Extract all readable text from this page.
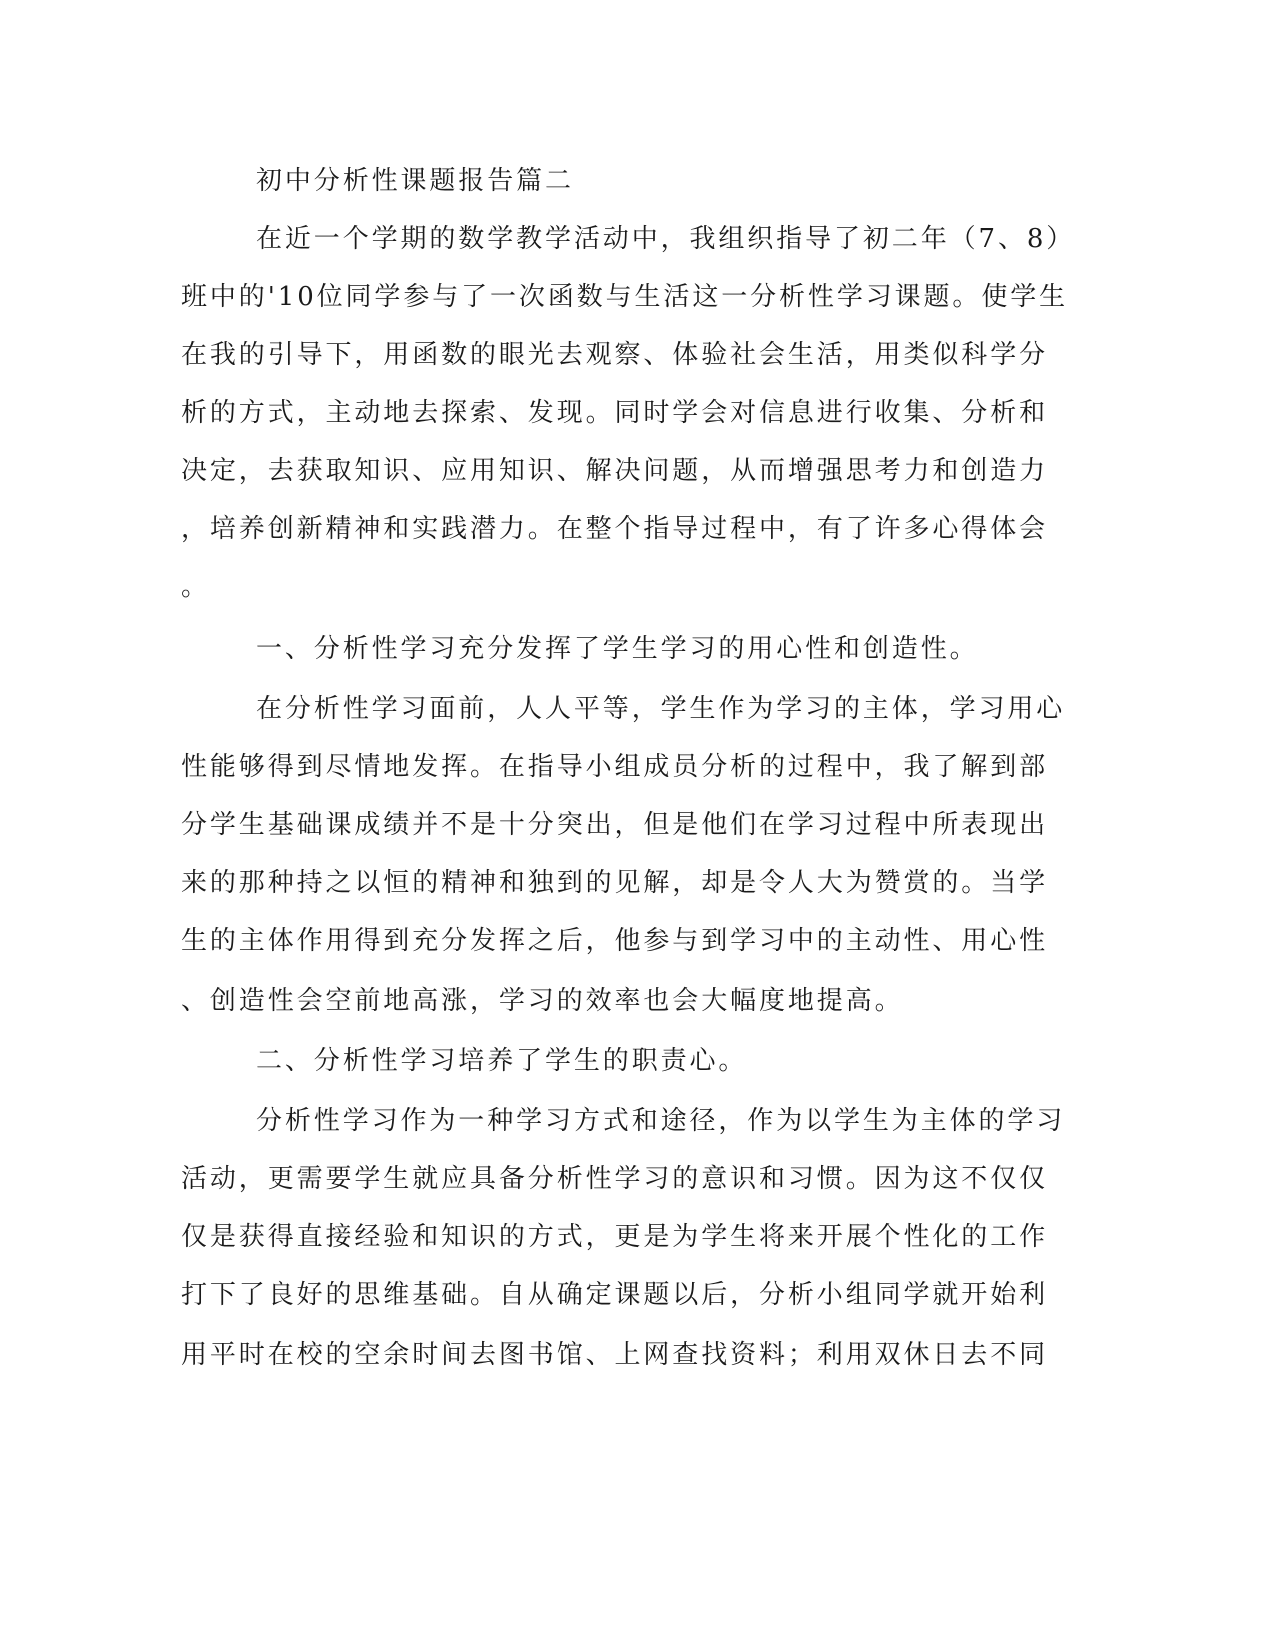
初中分析性课题报告篇二
在近一个学期的数学教学活动中，我组织指导了初二年（7、8）
班中的'10位同学参与了一次函数与生活这一分析性学习课题。使学生
在我的引导下，用函数的眼光去观察、体验社会生活，用类似科学分
析的方式，主动地去探索、发现。同时学会对信息进行收集、分析和
决定，去获取知识、应用知识、解决问题，从而增强思考力和创造力
，培养创新精神和实践潜力。在整个指导过程中，有了许多心得体会
。
一、分析性学习充分发挥了学生学习的用心性和创造性。
在分析性学习面前，人人平等，学生作为学习的主体，学习用心
性能够得到尽情地发挥。在指导小组成员分析的过程中，我了解到部
分学生基础课成绩并不是十分突出，但是他们在学习过程中所表现出
来的那种持之以恒的精神和独到的见解，却是令人大为赞赏的。当学
生的主体作用得到充分发挥之后，他参与到学习中的主动性、用心性
、创造性会空前地高涨，学习的效率也会大幅度地提高。
二、分析性学习培养了学生的职责心。
分析性学习作为一种学习方式和途径，作为以学生为主体的学习
活动，更需要学生就应具备分析性学习的意识和习惯。因为这不仅仅
仅是获得直接经验和知识的方式，更是为学生将来开展个性化的工作
打下了良好的思维基础。自从确定课题以后，分析小组同学就开始利
用平时在校的空余时间去图书馆、上网查找资料；利用双休日去不同
